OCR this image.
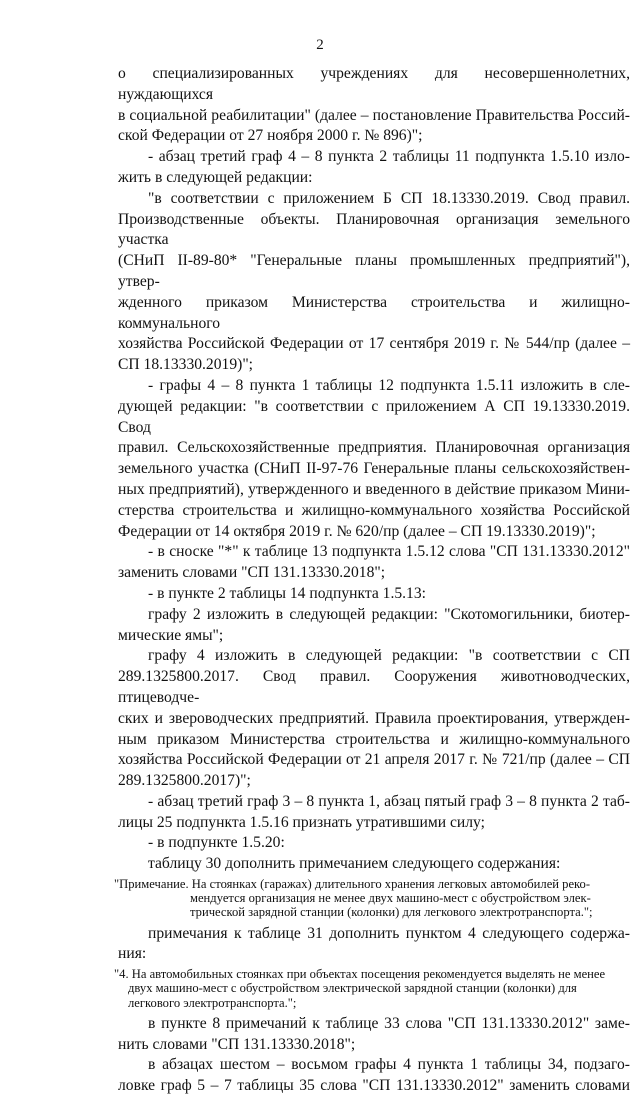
2
о специализированных учреждениях для несовершеннолетних, нуждающихся
в социальной реабилитации" (далее – постановление Правительства Россий-
ской Федерации от 27 ноября 2000 г. № 896)";
- абзац третий граф 4 – 8 пункта 2 таблицы 11 подпункта 1.5.10 изло-
жить в следующей редакции:
"в соответствии с приложением Б СП 18.13330.2019. Свод правил.
Производственные объекты. Планировочная организация земельного участка
(СНиП II-89-80* "Генеральные планы промышленных предприятий"), утвер-
жденного приказом Министерства строительства и жилищно-коммунального
хозяйства Российской Федерации от 17 сентября 2019 г. № 544/пр (далее –
СП 18.13330.2019)";
- графы 4 – 8 пункта 1 таблицы 12 подпункта 1.5.11 изложить в сле-
дующей редакции: "в соответствии с приложением А СП 19.13330.2019. Свод
правил. Сельскохозяйственные предприятия. Планировочная организация
земельного участка (СНиП II-97-76 Генеральные планы сельскохозяйствен-
ных предприятий), утвержденного и введенного в действие приказом Мини-
стерства строительства и жилищно-коммунального хозяйства Российской
Федерации от 14 октября 2019 г. № 620/пр (далее – СП 19.13330.2019)";
- в сноске "*" к таблице 13 подпункта 1.5.12 слова "СП 131.13330.2012"
заменить словами "СП 131.13330.2018";
- в пункте 2 таблицы 14 подпункта 1.5.13:
графу 2 изложить в следующей редакции: "Скотомогильники, биотер-
мические ямы";
графу 4 изложить в следующей редакции: "в соответствии с СП
289.1325800.2017. Свод правил. Сооружения животноводческих, птицеводче-
ских и звероводческих предприятий. Правила проектирования, утвержден-
ным приказом Министерства строительства и жилищно-коммунального
хозяйства Российской Федерации от 21 апреля 2017 г. № 721/пр (далее – СП
289.1325800.2017)";
- абзац третий граф 3 – 8 пункта 1, абзац пятый граф 3 – 8 пункта 2 таб-
лицы 25 подпункта 1.5.16 признать утратившими силу;
- в подпункте 1.5.20:
таблицу 30 дополнить примечанием следующего содержания:
"Примечание. На стоянках (гаражах) длительного хранения легковых автомобилей реко-
мендуется организация не менее двух машино-мест с обустройством элек-
трической зарядной станции (колонки) для легкового электротранспорта.";
примечания к таблице 31 дополнить пунктом 4 следующего содержа-
ния:
"4. На автомобильных стоянках при объектах посещения рекомендуется выделять не менее
двух машино-мест с обустройством электрической зарядной станции (колонки) для
легкового электротранспорта.";
в пункте 8 примечаний к таблице 33 слова "СП 131.13330.2012" заме-
нить словами "СП 131.13330.2018";
в абзацах шестом – восьмом графы 4 пункта 1 таблицы 34, подзаго-
ловке граф 5 – 7 таблицы 35 слова "СП 131.13330.2012" заменить словами
